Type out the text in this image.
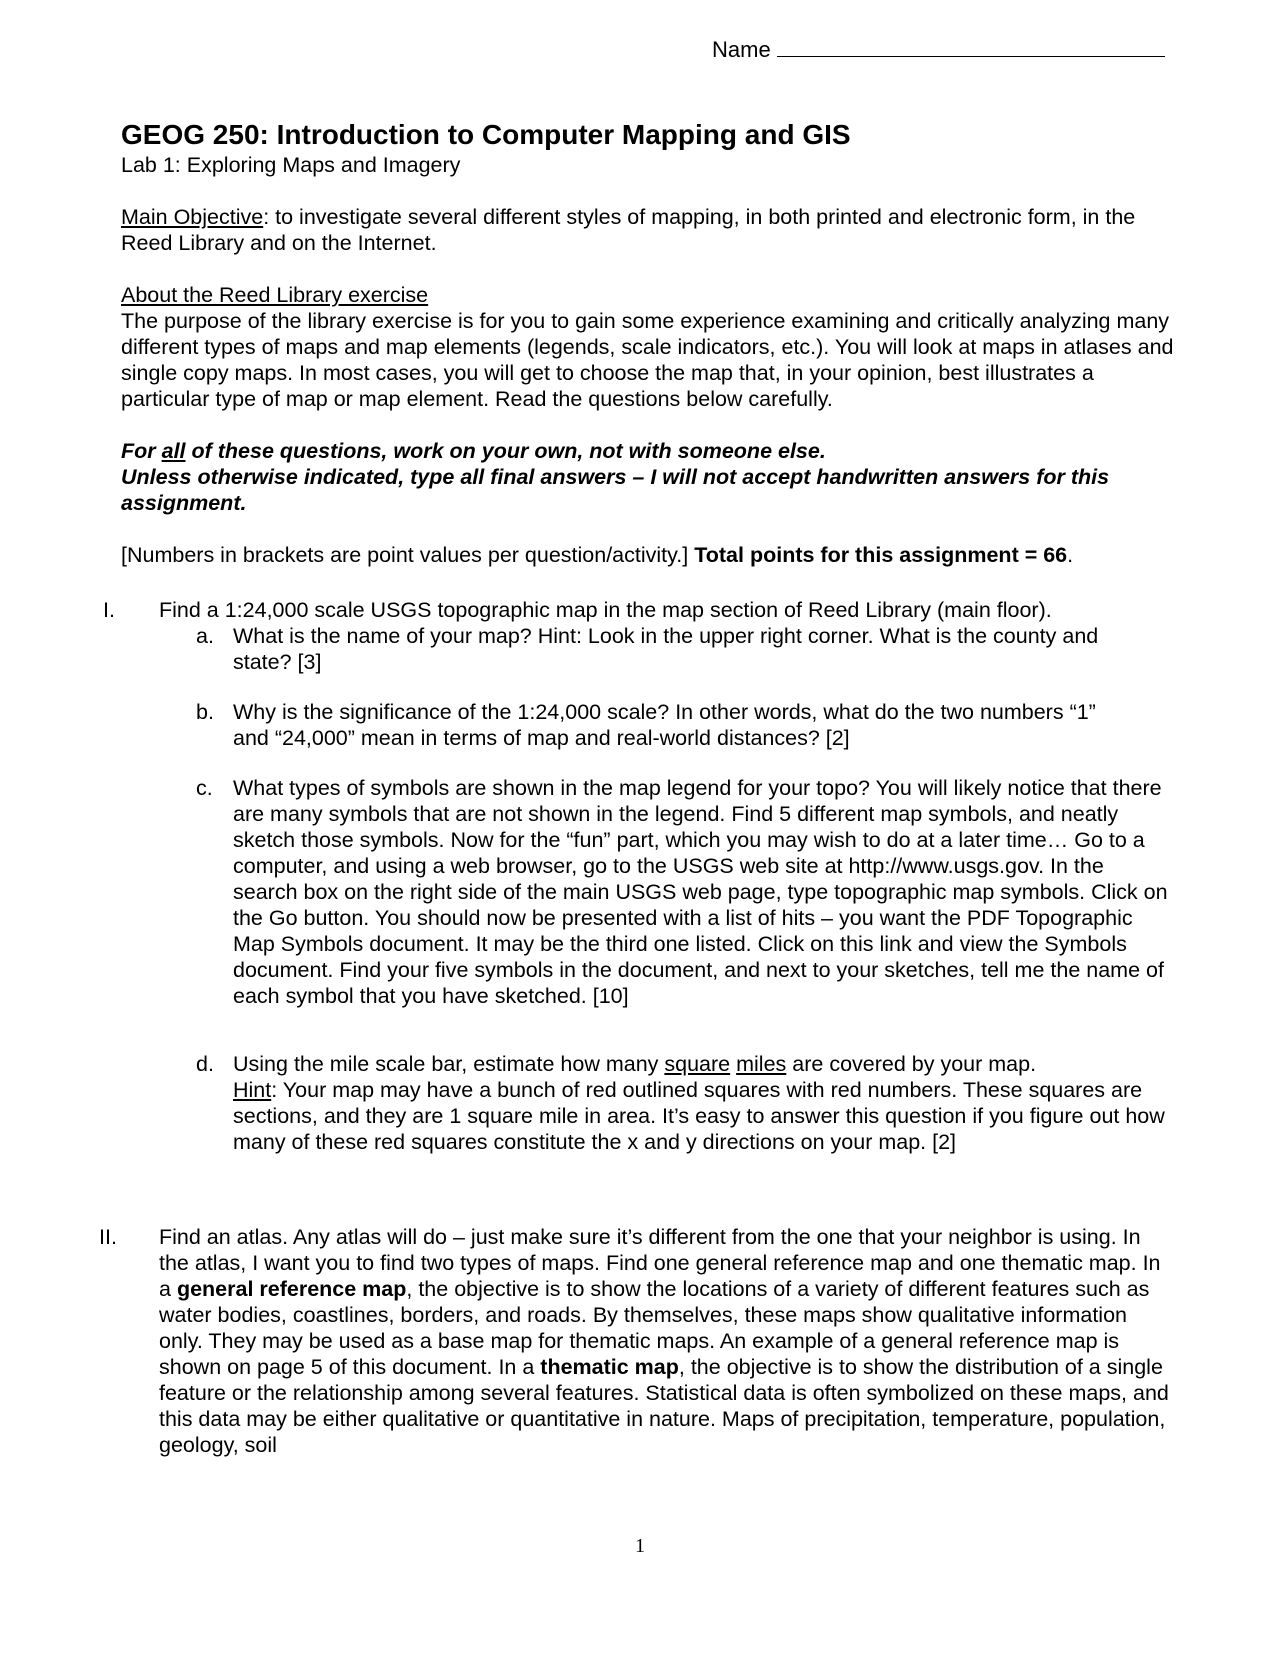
Name
GEOG 250: Introduction to Computer Mapping and GIS

Lab 1: Exploring Maps and Imagery

Main Objective: to investigate several different styles of mapping, in both printed and electronic form, in the Reed Library and on the Internet.

About the Reed Library exercise

The purpose of the library exercise is for you to gain some experience examining and critically analyzing many different types of maps and map elements (legends, scale indicators, etc.). You will look at maps in atlases and single copy maps. In most cases, you will get to choose the map that, in your opinion, best illustrates a particular type of map or map element. Read the questions below carefully.

For all of these questions, work on your own, not with someone else.

Unless otherwise indicated, type all final answers – I will not accept handwritten answers for this assignment.

[Numbers in brackets are point values per question/activity.] Total points for this assignment = 66.

I. Find a 1:24,000 scale USGS topographic map in the map section of Reed Library (main floor).

a. What is the name of your map? Hint: Look in the upper right corner. What is the county and state? [3]

b. Why is the significance of the 1:24,000 scale? In other words, what do the two numbers “1” and “24,000” mean in terms of map and real-world distances? [2]

c. What types of symbols are shown in the map legend for your topo? You will likely notice that there are many symbols that are not shown in the legend. Find 5 different map symbols, and neatly sketch those symbols. Now for the “fun” part, which you may wish to do at a later time… Go to a computer, and using a web browser, go to the USGS web site at http://www.usgs.gov. In the search box on the right side of the main USGS web page, type topographic map symbols. Click on the Go button. You should now be presented with a list of hits – you want the PDF Topographic Map Symbols document. It may be the third one listed. Click on this link and view the Symbols document. Find your five symbols in the document, and next to your sketches, tell me the name of each symbol that you have sketched. [10]

d. Using the mile scale bar, estimate how many square miles are covered by your map.

Hint: Your map may have a bunch of red outlined squares with red numbers. These squares are sections, and they are 1 square mile in area. It’s easy to answer this question if you figure out how many of these red squares constitute the x and y directions on your map. [2]

II. Find an atlas. Any atlas will do – just make sure it’s different from the one that your neighbor is using. In the atlas, I want you to find two types of maps. Find one general reference map and one thematic map. In a general reference map, the objective is to show the locations of a variety of different features such as water bodies, coastlines, borders, and roads. By themselves, these maps show qualitative information only. They may be used as a base map for thematic maps. An example of a general reference map is shown on page 5 of this document. In a thematic map, the objective is to show the distribution of a single feature or the relationship among several features. Statistical data is often symbolized on these maps, and this data may be either qualitative or quantitative in nature. Maps of precipitation, temperature, population, geology, soil

1
